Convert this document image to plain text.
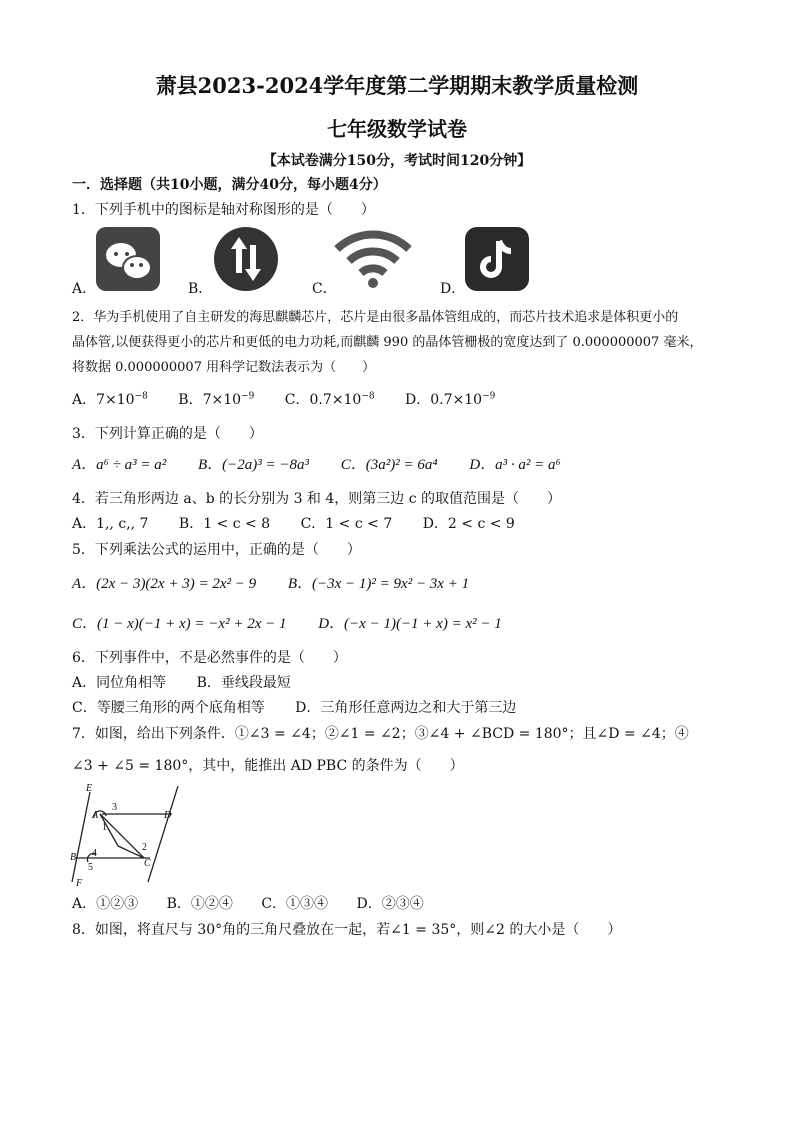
萧县2023-2024学年度第二学期期末教学质量检测
七年级数学试卷
【本试卷满分150分，考试时间120分钟】
一．选择题（共10小题，满分40分，每小题4分）
1．下列手机中的图标是轴对称图形的是（　　）
A．	B．	C．	D．
2．华为手机使用了自主研发的海思麒麟芯片，芯片是由很多晶体管组成的，而芯片技术追求是体积更小的
晶体管,以便获得更小的芯片和更低的电力功耗,而麒麟 990 的晶体管栅极的宽度达到了 0.000000007 毫米，
将数据 0.000000007 用科学记数法表示为（　　）
A．$7\times 10^{-8}$ B．$7\times 10^{-9}$ C．$0.7\times 10^{-8}$ D．$0.7\times 10^{-9}$
3．下列计算正确的是（　　）
A．a⁶ ÷ a³ = a² B．(−2a)³ = −8a³ C．(3a²)² = 6a⁴ D．a³ · a² = a⁶
4．若三角形两边 a、b 的长分别为 3 和 4，则第三边 c 的取值范围是（　　）
A．1,, c,, 7 B．1 < c < 8 C．1 < c < 7 D．2 < c < 9
5．下列乘法公式的运用中，正确的是（　　）
A．(2x − 3)(2x + 3) = 2x² − 9 B．(−3x − 1)² = 9x² − 3x + 1
C．(1 − x)(−1 + x) = −x² + 2x − 1 D．(−x − 1)(−1 + x) = x² − 1
6．下列事件中，不是必然事件的是（　　）
A．同位角相等 B．垂线段最短
C．等腰三角形的两个底角相等 D．三角形任意两边之和大于第三边
7．如图，给出下列条件．①∠3 = ∠4；②∠1 = ∠2；③∠4 + ∠BCD = 180°；且∠D = ∠4；④
∠3 + ∠5 = 180°，其中，能推出 AD PBC 的条件为（　　）
E
A
3
D
1
2
B 4
C
5
F
A．①②③ B．①②④ C．①③④ D．②③④
8．如图，将直尺与 30°角的三角尺叠放在一起，若∠1 = 35°，则∠2 的大小是（　　）
